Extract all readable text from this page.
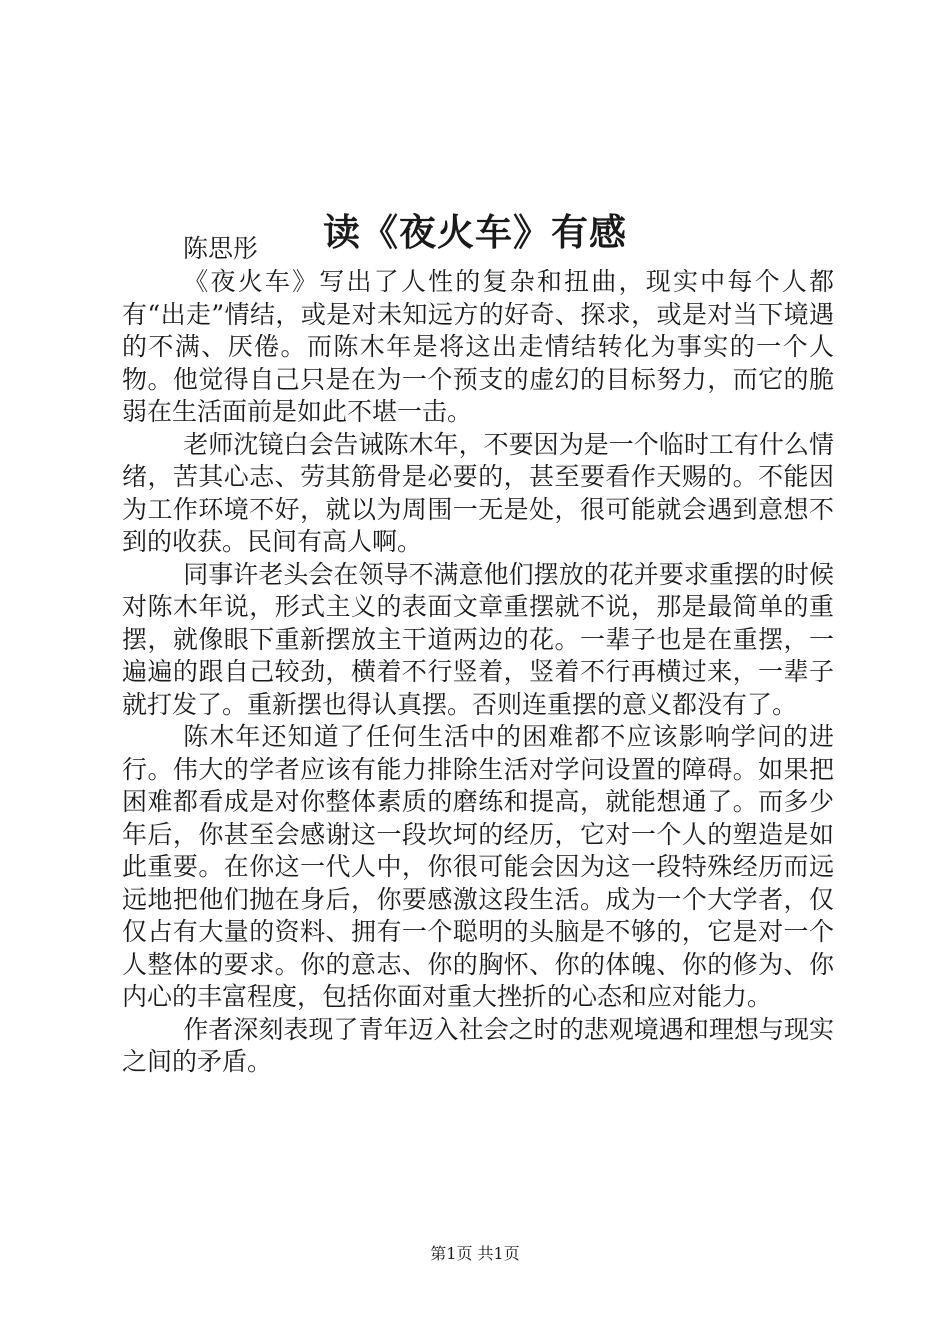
读《夜火车》有感
陈思彤

《夜火车》写出了人性的复杂和扭曲，现实中每个人都有“出走”情结，或是对未知远方的好奇、探求，或是对当下境遇的不满、厌倦。而陈木年是将这出走情结转化为事实的一个人物。他觉得自己只是在为一个预支的虚幻的目标努力，而它的脆弱在生活面前是如此不堪一击。

老师沈镜白会告诫陈木年，不要因为是一个临时工有什么情绪，苦其心志、劳其筋骨是必要的，甚至要看作天赐的。不能因为工作环境不好，就以为周围一无是处，很可能就会遇到意想不到的收获。民间有高人啊。

同事许老头会在领导不满意他们摆放的花并要求重摆的时候对陈木年说，形式主义的表面文章重摆就不说，那是最简单的重摆，就像眼下重新摆放主干道两边的花。一辈子也是在重摆，一遍遍的跟自己较劲，横着不行竖着，竖着不行再横过来，一辈子就打发了。重新摆也得认真摆。否则连重摆的意义都没有了。

陈木年还知道了任何生活中的困难都不应该影响学问的进行。伟大的学者应该有能力排除生活对学问设置的障碍。如果把困难都看成是对你整体素质的磨练和提高，就能想通了。而多少年后，你甚至会感谢这一段坎坷的经历，它对一个人的塑造是如此重要。在你这一代人中，你很可能会因为这一段特殊经历而远远地把他们抛在身后，你要感激这段生活。成为一个大学者，仅仅占有大量的资料、拥有一个聪明的头脑是不够的，它是对一个人整体的要求。你的意志、你的胸怀、你的体魄、你的修为、你内心的丰富程度，包括你面对重大挫折的心态和应对能力。

作者深刻表现了青年迈入社会之时的悲观境遇和理想与现实之间的矛盾。

第1页 共1页
